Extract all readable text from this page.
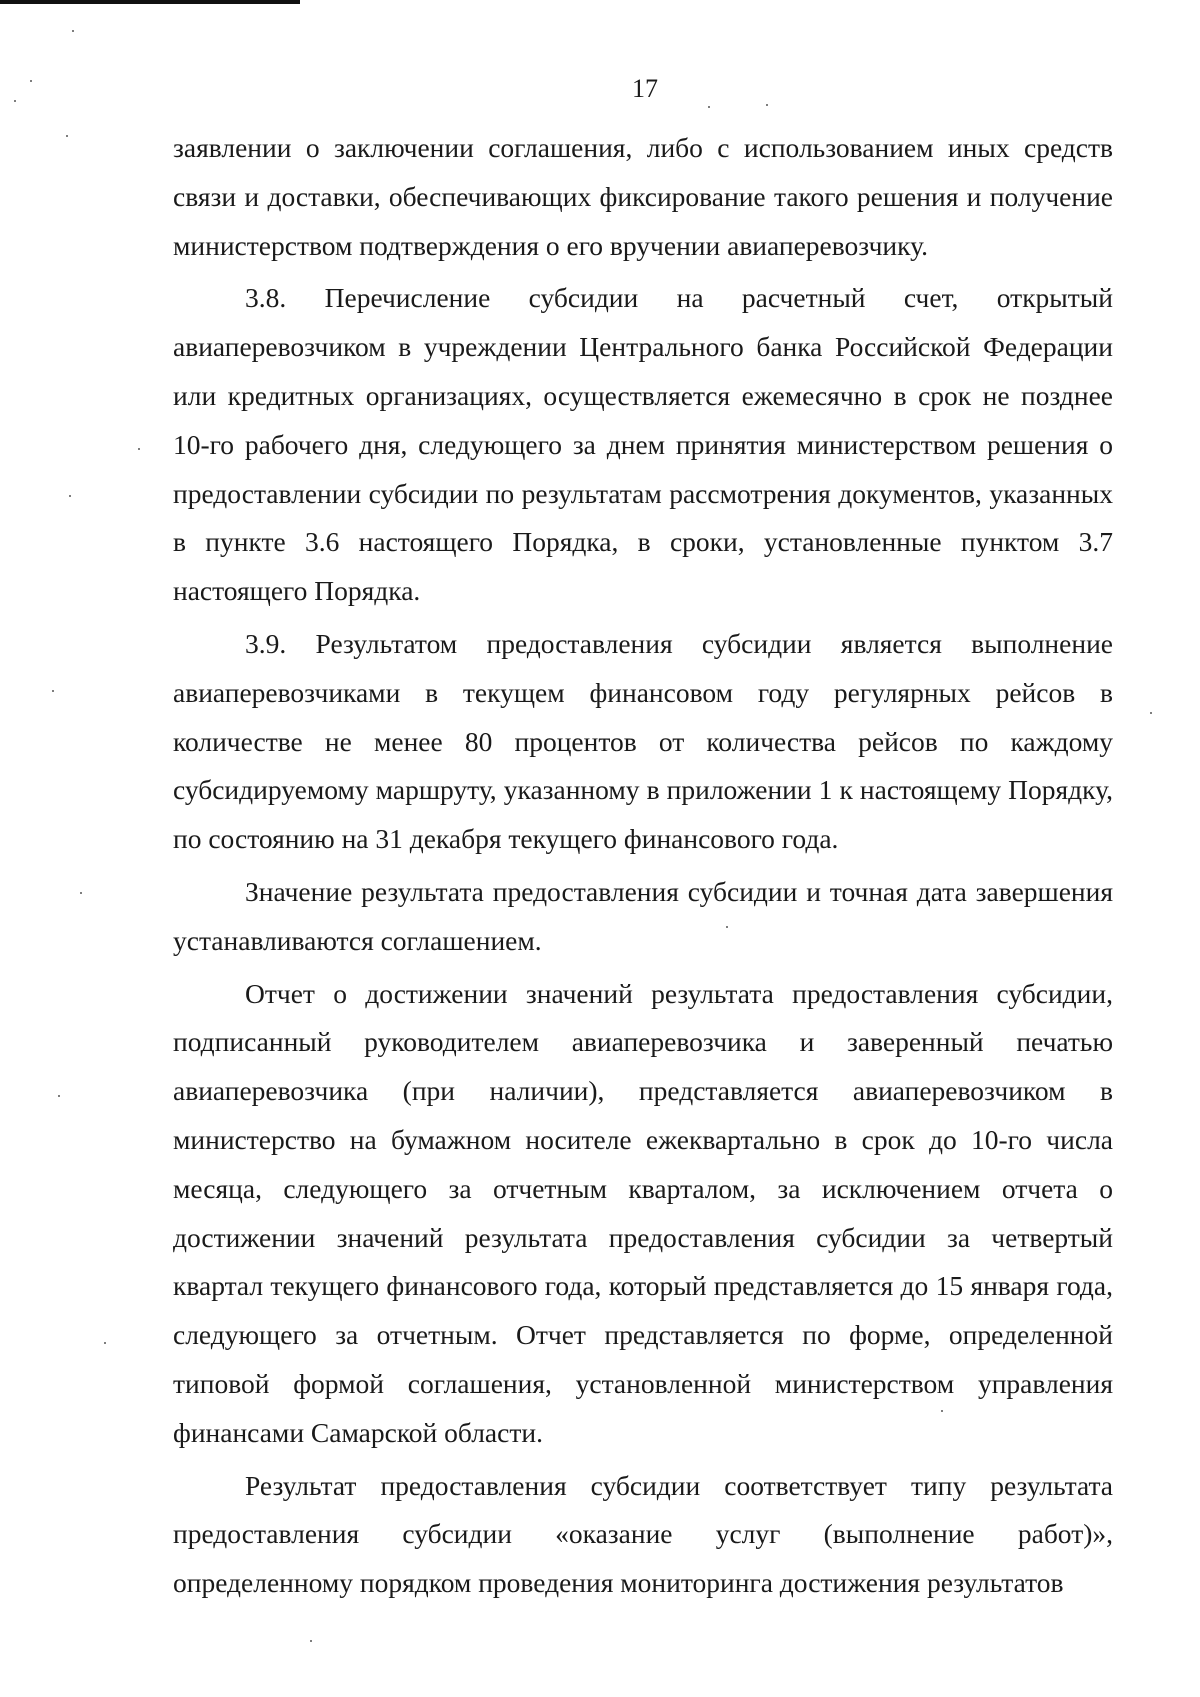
17

заявлении о заключении соглашения, либо с использованием иных средств связи и доставки, обеспечивающих фиксирование такого решения и получение министерством подтверждения о его вручении авиаперевозчику.

3.8. Перечисление субсидии на расчетный счет, открытый авиаперевозчиком в учреждении Центрального банка Российской Федерации или кредитных организациях, осуществляется ежемесячно в срок не позднее 10-го рабочего дня, следующего за днем принятия министерством решения о предоставлении субсидии по результатам рассмотрения документов, указанных в пункте 3.6 настоящего Порядка, в сроки, установленные пунктом 3.7 настоящего Порядка.

3.9. Результатом предоставления субсидии является выполнение авиаперевозчиками в текущем финансовом году регулярных рейсов в количестве не менее 80 процентов от количества рейсов по каждому субсидируемому маршруту, указанному в приложении 1 к настоящему Порядку, по состоянию на 31 декабря текущего финансового года.

Значение результата предоставления субсидии и точная дата завершения устанавливаются соглашением.

Отчет о достижении значений результата предоставления субсидии, подписанный руководителем авиаперевозчика и заверенный печатью авиаперевозчика (при наличии), представляется авиаперевозчиком в министерство на бумажном носителе ежеквартально в срок до 10-го числа месяца, следующего за отчетным кварталом, за исключением отчета о достижении значений результата предоставления субсидии за четвертый квартал текущего финансового года, который представляется до 15 января года, следующего за отчетным. Отчет представляется по форме, определенной типовой формой соглашения, установленной министерством управления финансами Самарской области.

Результат предоставления субсидии соответствует типу результата предоставления субсидии «оказание услуг (выполнение работ)», определенному порядком проведения мониторинга достижения результатов
